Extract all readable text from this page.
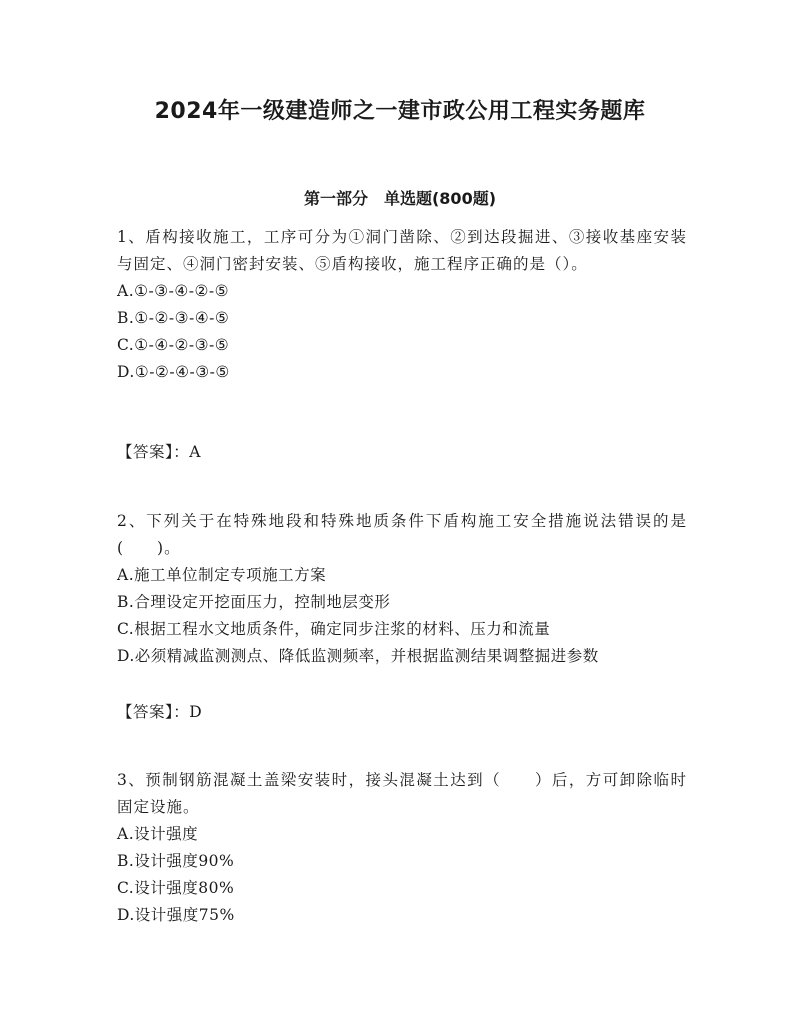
2024年一级建造师之一建市政公用工程实务题库
第一部分　单选题(800题)

1、盾构接收施工，工序可分为①洞门凿除、②到达段掘进、③接收基座安装与固定、④洞门密封安装、⑤盾构接收，施工程序正确的是（）。

A.①-③-④-②-⑤

B.①-②-③-④-⑤

C.①-④-②-③-⑤

D.①-②-④-③-⑤

【答案】：A

2、下列关于在特殊地段和特殊地质条件下盾构施工安全措施说法错误的是(　　)。

A.施工单位制定专项施工方案

B.合理设定开挖面压力，控制地层变形

C.根据工程水文地质条件，确定同步注浆的材料、压力和流量

D.必须精减监测测点、降低监测频率，并根据监测结果调整掘进参数

【答案】：D

3、预制钢筋混凝土盖梁安装时，接头混凝土达到（　　）后，方可卸除临时固定设施。

A.设计强度

B.设计强度90%

C.设计强度80%

D.设计强度75%
